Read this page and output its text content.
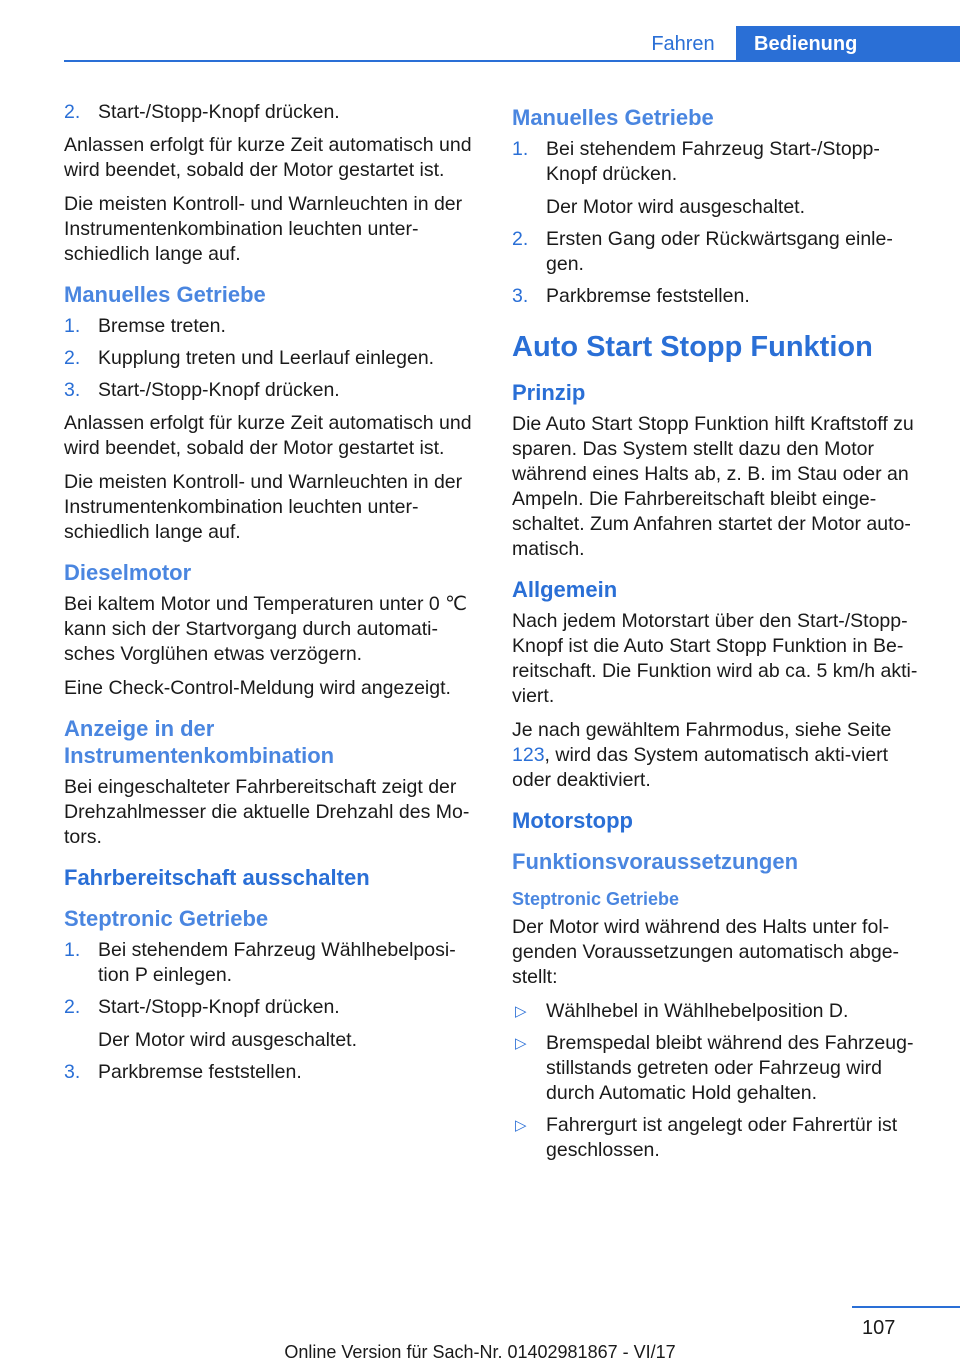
Fahren	Bedienung
2. Start-/Stopp-Knopf drücken.

Anlassen erfolgt für kurze Zeit automatisch und wird beendet, sobald der Motor gestartet ist.

Die meisten Kontroll- und Warnleuchten in der Instrumentenkombination leuchten unter-schiedlich lange auf.

Manuelles Getriebe
1. Bremse treten.
2. Kupplung treten und Leerlauf einlegen.
3. Start-/Stopp-Knopf drücken.

Anlassen erfolgt für kurze Zeit automatisch und wird beendet, sobald der Motor gestartet ist.

Die meisten Kontroll- und Warnleuchten in der Instrumentenkombination leuchten unter-schiedlich lange auf.

Dieselmotor

Bei kaltem Motor und Temperaturen unter 0 ℃ kann sich der Startvorgang durch automati-sches Vorglühen etwas verzögern.

Eine Check-Control-Meldung wird angezeigt.

Anzeige in der Instrumentenkombination

Bei eingeschalteter Fahrbereitschaft zeigt der Drehzahlmesser die aktuelle Drehzahl des Mo-tors.

Fahrbereitschaft ausschalten
Steptronic Getriebe
1. Bei stehendem Fahrzeug Wählhebelposi-tion P einlegen.
2. Start-/Stopp-Knopf drücken.
Der Motor wird ausgeschaltet.
3. Parkbremse feststellen.
Manuelles Getriebe
1. Bei stehendem Fahrzeug Start-/Stopp-Knopf drücken.
Der Motor wird ausgeschaltet.
2. Ersten Gang oder Rückwärtsgang einle-gen.
3. Parkbremse feststellen.
Auto Start Stopp Funktion
Prinzip

Die Auto Start Stopp Funktion hilft Kraftstoff zu sparen. Das System stellt dazu den Motor während eines Halts ab, z. B. im Stau oder an Ampeln. Die Fahrbereitschaft bleibt einge-schaltet. Zum Anfahren startet der Motor auto-matisch.

Allgemein

Nach jedem Motorstart über den Start-/Stopp-Knopf ist die Auto Start Stopp Funktion in Be-reitschaft. Die Funktion wird ab ca. 5 km/h akti-viert.

Je nach gewähltem Fahrmodus, siehe Seite 123, wird das System automatisch akti-viert oder deaktiviert.

Motorstopp
Funktionsvoraussetzungen
Steptronic Getriebe

Der Motor wird während des Halts unter fol-genden Voraussetzungen automatisch abge-stellt:

▷ Wählhebel in Wählhebelposition D.
▷ Bremspedal bleibt während des Fahrzeug-stillstands getreten oder Fahrzeug wird durch Automatic Hold gehalten.
▷ Fahrergurt ist angelegt oder Fahrertür ist geschlossen.
107
Online Version für Sach-Nr. 01402981867 - VI/17
